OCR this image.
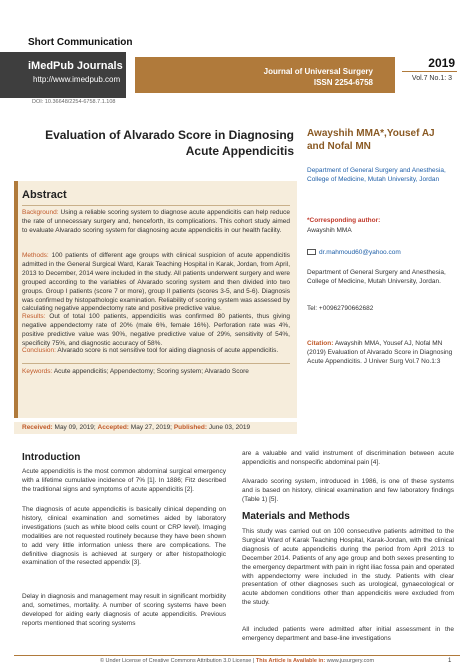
Short Communication
iMedPub Journals
http://www.imedpub.com
Journal of Universal Surgery
ISSN 2254-6758
2019
Vol.7 No.1: 3
DOI: 10.36648/2254-6758.7.1.108
Evaluation of Alvarado Score in Diagnosing
Acute Appendicitis
Awayshih MMA*,Yousef AJ
and Nofal MN
Department of General Surgery and Anesthesia, College of Medicine, Mutah University, Jordan
*Corresponding author:
Awayshih MMA
dr.mahmoud60@yahoo.com
Department of General Surgery and Anesthesia, College of Medicine, Mutah University, Jordan.
Tel: +00962790662682
Citation: Awayshih MMA, Yousef AJ, Nofal MN (2019) Evaluation of Alvarado Score in Diagnosing Acute Appendicitis. J Univer Surg Vol.7 No.1:3
Abstract
Background: Using a reliable scoring system to diagnose acute appendicitis can help reduce the rate of unnecessary surgery and, henceforth, its complications. This cohort study aimed to evaluate Alvarado scoring system for diagnosing acute appendicitis in our health facility.
Methods: 100 patients of different age groups with clinical suspicion of acute appendicitis admitted in the General Surgical Ward, Karak Teaching Hospital in Karak, Jordan, from April, 2013 to December, 2014 were included in the study. All patients underwent surgery and were grouped according to the variables of Alvarado scoring system and then divided into two groups. Group I patients (score 7 or more), group II patients (scores 3-5, and 5-6). Diagnosis was confirmed by histopathologic examination. Reliability of scoring system was assessed by calculating negative appendectomy rate and positive predictive value.
Results: Out of total 100 patients, appendicitis was confirmed 80 patients, thus giving negative appendectomy rate of 20% (male 6%, female 16%). Perforation rate was 4%, positive predictive value was 90%, negative predictive value of 29%, sensitivity of 54%, specificity 75%, and diagnostic accuracy of 58%.
Conclusion: Alvarado score is not sensitive tool for aiding diagnosis of acute appendicitis.
Keywords: Acute appendicitis; Appendectomy; Scoring system; Alvarado Score
Received: May 09, 2019; Accepted: May 27, 2019; Published: June 03, 2019
Introduction
Acute appendicitis is the most common abdominal surgical emergency with a lifetime cumulative incidence of 7% [1]. In 1886; Fitz described the traditional signs and symptoms of acute appendicitis [2].
The diagnosis of acute appendicitis is basically clinical depending on history, clinical examination and sometimes aided by laboratory investigations (such as white blood cells count or CRP level). Imaging modalities are not requested routinely because they have been shown to add very little information unless there are complications. The definitive diagnosis is achieved at surgery or after histopathologic examination of the resected appendix [3].
Delay in diagnosis and management may result in significant morbidity and, sometimes, mortality. A number of scoring systems have been developed for aiding early diagnosis of acute appendicitis. Previous reports mentioned that scoring systems
are a valuable and valid instrument of discrimination between acute appendicitis and nonspecific abdominal pain [4].
Alvarado scoring system, introduced in 1986, is one of these systems and is based on history, clinical examination and few laboratory findings (Table 1) [5].
Materials and Methods
This study was carried out on 100 consecutive patients admitted to the Surgical Ward of Karak Teaching Hospital, Karak-Jordan, with the clinical diagnosis of acute appendicitis during the period from April 2013 to December 2014. Patients of any age group and both sexes presenting to the emergency department with pain in right iliac fossa pain and operated with appendectomy were included in the study. Patients with clear presentation of other diagnoses such as urological, gynaecological or acute abdomen conditions other than appendicitis were excluded from the study.
All included patients were admitted after initial assessment in the emergency department and base-line investigations
© Under License of Creative Commons Attribution 3.0 License | This Article is Available in: www.jusurgery.com	1
